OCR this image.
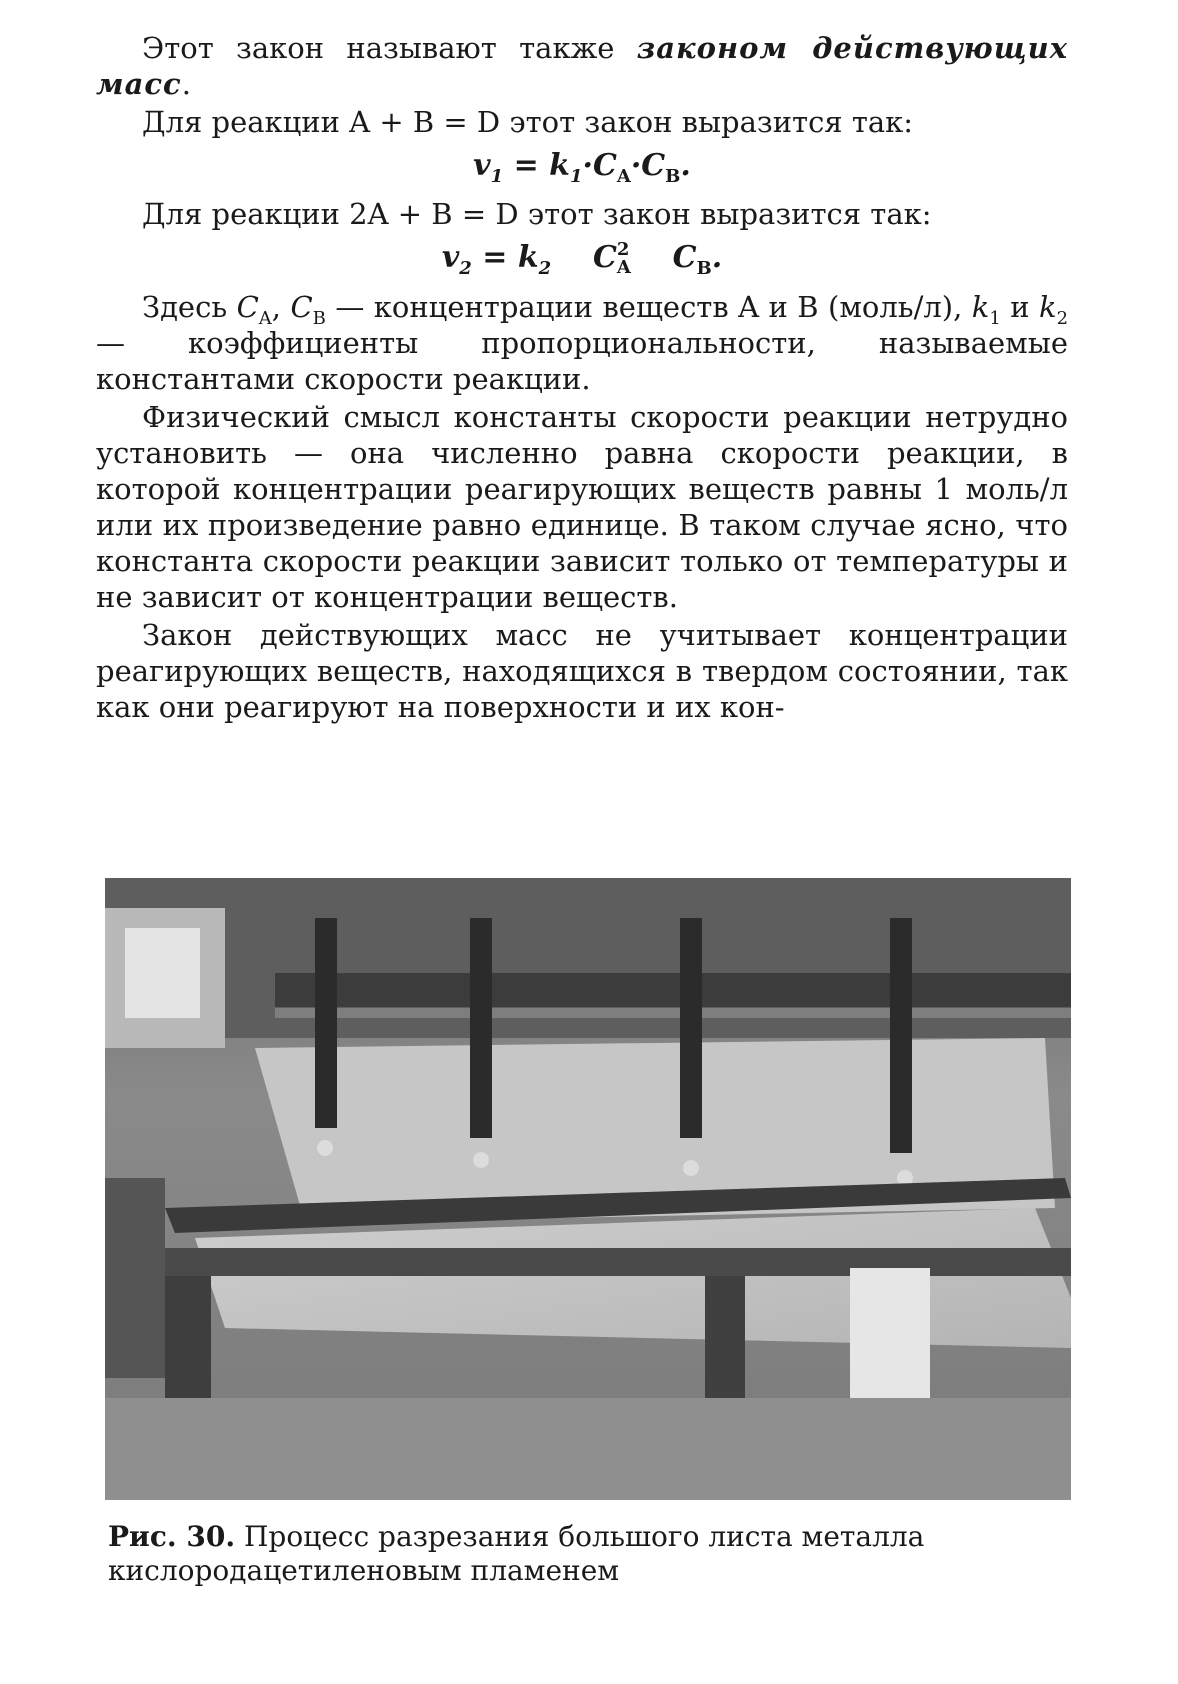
Этот закон называют также законом действующих масс.

Для реакции A + B = D этот закон выразится так:

$v_1 = k_1\cdot C_A\cdot C_B$.

Для реакции 2A + B = D этот закон выразится так:

$v_2 = k_2$ C 2
A $C_B$.

Здесь $C_A$, $C_B$ — концентрации веществ A и B (моль/л), $k_1$ и $k_2$ — коэффициенты пропорциональности, называемые константами скорости реакции.

Физический смысл константы скорости реакции нетрудно установить — она численно равна скорости реакции, в которой концентрации реагирующих веществ равны 1 моль/л или их произведение равно единице. В таком случае ясно, что константа скорости реакции зависит только от температуры и не зависит от концентрации веществ.

Закон действующих масс не учитывает концентрации реагирующих веществ, находящихся в твердом состоянии, так как они реагируют на поверхности и их кон-

Рис. 30. Процесс разрезания большого листа металла кислородацетиленовым пламенем
